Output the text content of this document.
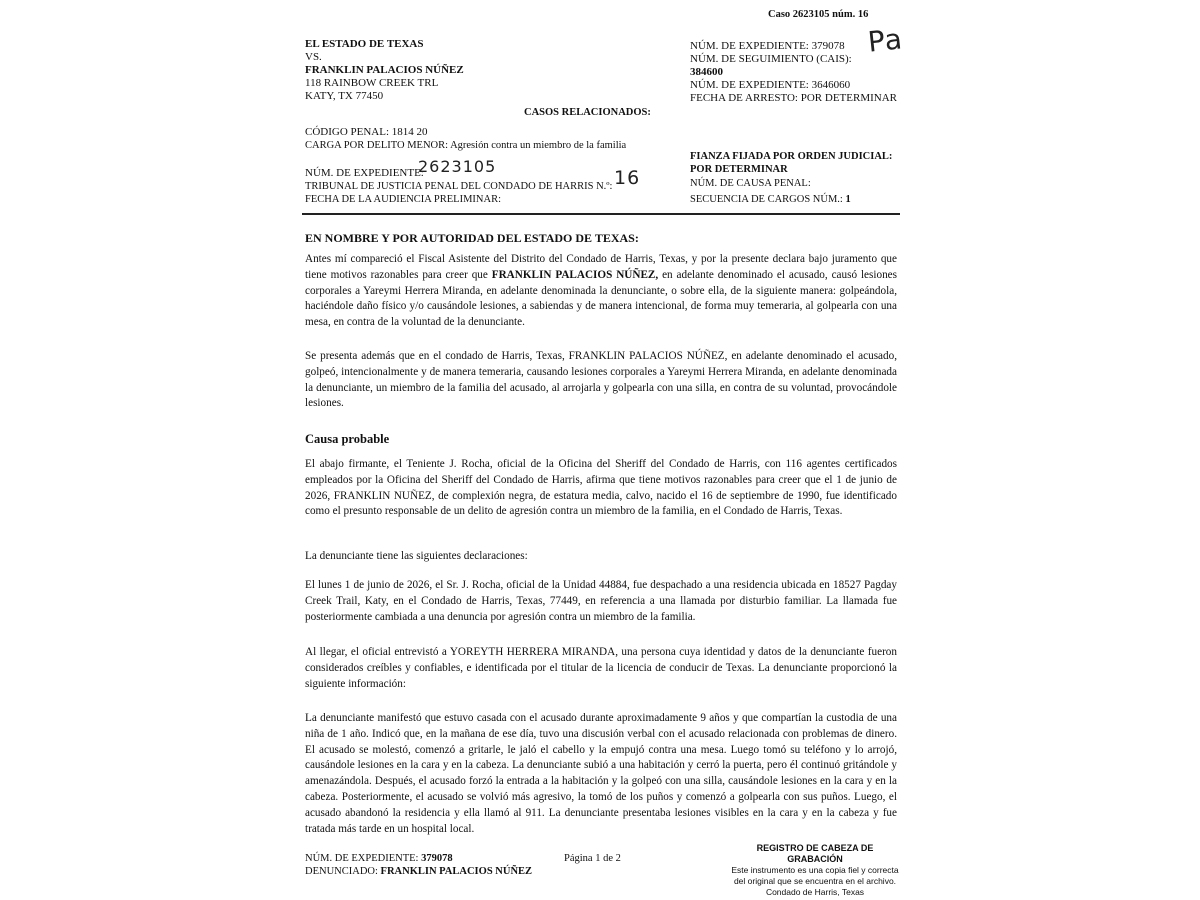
Caso 2623105 núm. 16
Pa
EL ESTADO DE TEXAS
VS.
FRANKLIN PALACIOS NÚÑEZ
118 RAINBOW CREEK TRL
KATY, TX 77450
NÚM. DE EXPEDIENTE: 379078
NÚM. DE SEGUIMIENTO (CAIS):
384600
NÚM. DE EXPEDIENTE: 3646060
FECHA DE ARRESTO: POR DETERMINAR
CASOS RELACIONADOS:
CÓDIGO PENAL: 1814 20
CARGA POR DELITO MENOR: Agresión contra un miembro de la familia
NÚM. DE EXPEDIENTE:
2623105
TRIBUNAL DE JUSTICIA PENAL DEL CONDADO DE HARRIS N.º: 16
FECHA DE LA AUDIENCIA PRELIMINAR:
FIANZA FIJADA POR ORDEN JUDICIAL:
POR DETERMINAR
NÚM. DE CAUSA PENAL:
SECUENCIA DE CARGOS NÚM.: 1
EN NOMBRE Y POR AUTORIDAD DEL ESTADO DE TEXAS:
Antes mí compareció el Fiscal Asistente del Distrito del Condado de Harris, Texas, y por la presente declara bajo juramento que tiene motivos razonables para creer que FRANKLIN PALACIOS NÚÑEZ, en adelante denominado el acusado, causó lesiones corporales a Yareymi Herrera Miranda, en adelante denominada la denunciante, o sobre ella, de la siguiente manera: golpeándola, haciéndole daño físico y/o causándole lesiones, a sabiendas y de manera intencional, de forma muy temeraria, al golpearla con una mesa, en contra de la voluntad de la denunciante.
Se presenta además que en el condado de Harris, Texas, FRANKLIN PALACIOS NÚÑEZ, en adelante denominado el acusado, golpeó, intencionalmente y de manera temeraria, causando lesiones corporales a Yareymi Herrera Miranda, en adelante denominada la denunciante, un miembro de la familia del acusado, al arrojarla y golpearla con una silla, en contra de su voluntad, provocándole lesiones.
Causa probable
El abajo firmante, el Teniente J. Rocha, oficial de la Oficina del Sheriff del Condado de Harris, con 116 agentes certificados empleados por la Oficina del Sheriff del Condado de Harris, afirma que tiene motivos razonables para creer que el 1 de junio de 2026, FRANKLIN NUÑEZ, de complexión negra, de estatura media, calvo, nacido el 16 de septiembre de 1990, fue identificado como el presunto responsable de un delito de agresión contra un miembro de la familia, en el Condado de Harris, Texas.
La denunciante tiene las siguientes declaraciones:
El lunes 1 de junio de 2026, el Sr. J. Rocha, oficial de la Unidad 44884, fue despachado a una residencia ubicada en 18527 Pagday Creek Trail, Katy, en el Condado de Harris, Texas, 77449, en referencia a una llamada por disturbio familiar. La llamada fue posteriormente cambiada a una denuncia por agresión contra un miembro de la familia.
Al llegar, el oficial entrevistó a YOREYTH HERRERA MIRANDA, una persona cuya identidad y datos de la denunciante fueron considerados creíbles y confiables, e identificada por el titular de la licencia de conducir de Texas. La denunciante proporcionó la siguiente información:
La denunciante manifestó que estuvo casada con el acusado durante aproximadamente 9 años y que compartían la custodia de una niña de 1 año. Indicó que, en la mañana de ese día, tuvo una discusión verbal con el acusado relacionada con problemas de dinero. El acusado se molestó, comenzó a gritarle, le jaló el cabello y la empujó contra una mesa. Luego tomó su teléfono y lo arrojó, causándole lesiones en la cara y en la cabeza. La denunciante subió a una habitación y cerró la puerta, pero él continuó gritándole y amenazándola. Después, el acusado forzó la entrada a la habitación y la golpeó con una silla, causándole lesiones en la cara y en la cabeza. Posteriormente, el acusado se volvió más agresivo, la tomó de los puños y comenzó a golpearla con sus puños. Luego, el acusado abandonó la residencia y ella llamó al 911. La denunciante presentaba lesiones visibles en la cara y en la cabeza y fue tratada más tarde en un hospital local.
NÚM. DE EXPEDIENTE: 379078
DENUNCIADO: FRANKLIN PALACIOS NÚÑEZ
Página 1 de 2
REGISTRO DE CABEZA DE GRABACIÓN
Este instrumento es una copia fiel y correcta
del original que se encuentra en el archivo.
Condado de Harris, Texas
